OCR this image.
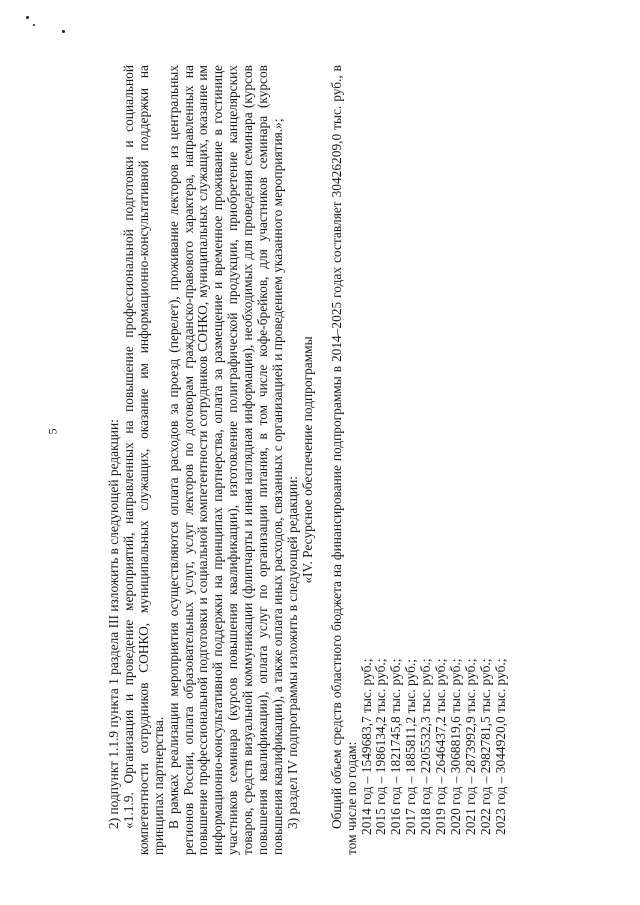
5	2) подпункт 1.1.9 пункта 1 раздела III изложить в следующей редакции: «1.1.9. Организация и проведение мероприятий, направленных на повышение профессиональной подготовки и социальной компетентности сотрудников СОНКО, муниципальных служащих, оказание им информационно-консультативной поддержки на принципах партнерства. В рамках реализации мероприятия осуществляются оплата расходов за проезд (перелет), проживание лекторов из центральных регионов России, оплата образовательных услуг, услуг лекторов по договорам гражданско-правового характера, направленных на повышение профессиональной подготовки и социальной компетентности сотрудников СОНКО, муниципальных служащих, оказание им информационно-консультативной поддержки на принципах партнерства, оплата за размещение и временное проживание в гостинице участников семинара (курсов повышения квалификации), изготовление полиграфической продукции, приобретение канцелярских товаров, средств визуальной коммуникации (флипчарты и иная наглядная информация), необходимых для проведения семинара (курсов повышения квалификации), оплата услуг по организации питания, в том числе кофе-брейков, для участников семинара (курсов повышения квалификации), а также оплата иных расходов, связанных с организацией и проведением указанного мероприятия.»; 3) раздел IV подпрограммы изложить в следующей редакции:

«IV. Ресурсное обеспечение подпрограммы Общий объем средств областного бюджета на финансирование подпрограммы в 2014–2025 годах составляет 30426209,0 тыс. руб., в том числе по годам: 2014 год – 1549683,7 тыс. руб.; 2015 год – 1986134,2 тыс. руб.; 2016 год – 1821745,8 тыс. руб.; 2017 год – 1885811,2 тыс. руб.; 2018 год – 2205532,3 тыс. руб.; 2019 год – 2646437,2 тыс. руб.; 2020 год – 3068819,6 тыс. руб.; 2021 год – 2873992,9 тыс. руб.; 2022 год – 2982781,5 тыс. руб.; 2023 год – 3044920,0 тыс. руб.;
